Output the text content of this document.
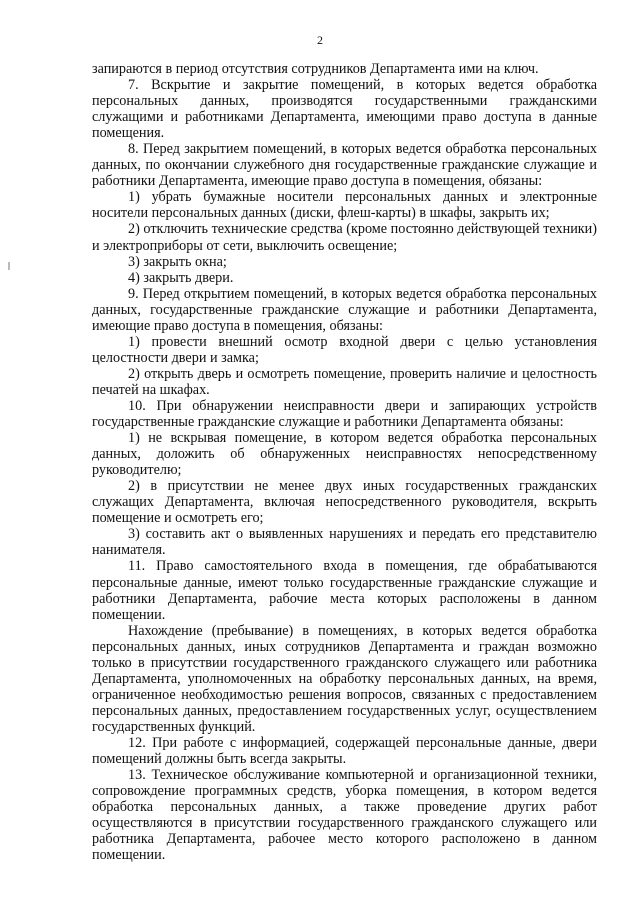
2

запираются в период отсутствия сотрудников Департамента ими на ключ.

7. Вскрытие и закрытие помещений, в которых ведется обработка персональных данных, производятся государственными гражданскими служащими и работниками Департамента, имеющими право доступа в данные помещения.

8. Перед закрытием помещений, в которых ведется обработка персональных данных, по окончании служебного дня государственные гражданские служащие и работники Департамента, имеющие право доступа в помещения, обязаны:

1) убрать бумажные носители персональных данных и электронные носители персональных данных (диски, флеш-карты) в шкафы, закрыть их;

2) отключить технические средства (кроме постоянно действующей техники) и электроприборы от сети, выключить освещение;

3) закрыть окна;

4) закрыть двери.

9. Перед открытием помещений, в которых ведется обработка персональных данных, государственные гражданские служащие и работники Департамента, имеющие право доступа в помещения, обязаны:

1) провести внешний осмотр входной двери с целью установления целостности двери и замка;

2) открыть дверь и осмотреть помещение, проверить наличие и целостность печатей на шкафах.

10. При обнаружении неисправности двери и запирающих устройств государственные гражданские служащие и работники Департамента обязаны:

1) не вскрывая помещение, в котором ведется обработка персональных данных, доложить об обнаруженных неисправностях непосредственному руководителю;

2) в присутствии не менее двух иных государственных гражданских служащих Департамента, включая непосредственного руководителя, вскрыть помещение и осмотреть его;

3) составить акт о выявленных нарушениях и передать его представителю нанимателя.

11. Право самостоятельного входа в помещения, где обрабатываются персональные данные, имеют только государственные гражданские служащие и работники Департамента, рабочие места которых расположены в данном помещении.

Нахождение (пребывание) в помещениях, в которых ведется обработка персональных данных, иных сотрудников Департамента и граждан возможно только в присутствии государственного гражданского служащего или работника Департамента, уполномоченных на обработку персональных данных, на время, ограниченное необходимостью решения вопросов, связанных с предоставлением персональных данных, предоставлением государственных услуг, осуществлением государственных функций.

12. При работе с информацией, содержащей персональные данные, двери помещений должны быть всегда закрыты.

13. Техническое обслуживание компьютерной и организационной техники, сопровождение программных средств, уборка помещения, в котором ведется обработка персональных данных, а также проведение других работ осуществляются в присутствии государственного гражданского служащего или работника Департамента, рабочее место которого расположено в данном помещении.
